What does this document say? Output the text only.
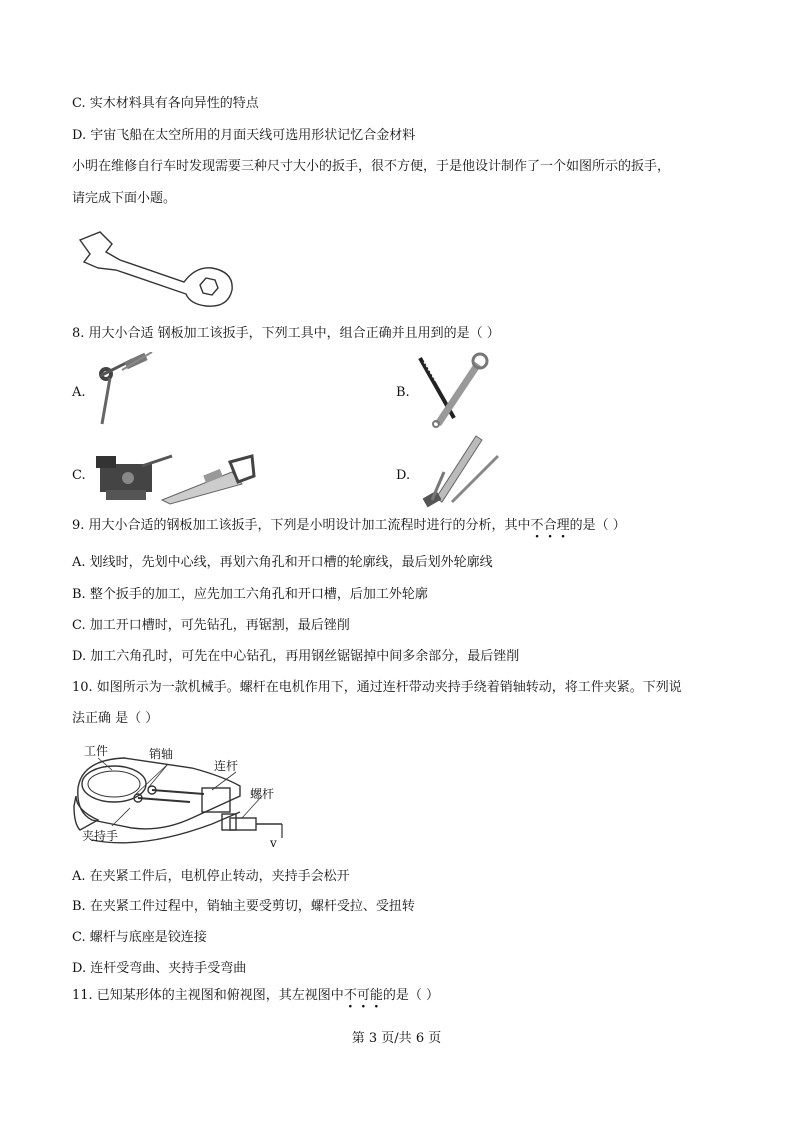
C. 实木材料具有各向异性的特点
D. 宇宙飞船在太空所用的月面天线可选用形状记忆合金材料
小明在维修自行车时发现需要三种尺寸大小的扳手，很不方便，于是他设计制作了一个如图所示的扳手，
请完成下面小题。
8. 用大小合适 钢板加工该扳手，下列工具中，组合正确并且用到的是（ ）
A.	B.
C.	D.
9. 用大小合适的钢板加工该扳手，下列是小明设计加工流程时进行的分析，其中不合理的是（ ）
A. 划线时，先划中心线，再划六角孔和开口槽的轮廓线，最后划外轮廓线
B. 整个扳手的加工，应先加工六角孔和开口槽，后加工外轮廓
C. 加工开口槽时，可先钻孔，再锯割，最后锉削
D. 加工六角孔时，可先在中心钻孔，再用钢丝锯锯掉中间多余部分，最后锉削
10. 如图所示为一款机械手。螺杆在电机作用下，通过连杆带动夹持手绕着销轴转动，将工件夹紧。下列说
法正确 是（ ）
工件	销轴
连杆
螺杆
夹持手	v
A. 在夹紧工件后，电机停止转动，夹持手会松开
B. 在夹紧工件过程中，销轴主要受剪切，螺杆受拉、受扭转
C. 螺杆与底座是铰连接
D. 连杆受弯曲、夹持手受弯曲
11. 已知某形体的主视图和俯视图，其左视图中不可能的是（ ）
第 3 页/共 6 页
